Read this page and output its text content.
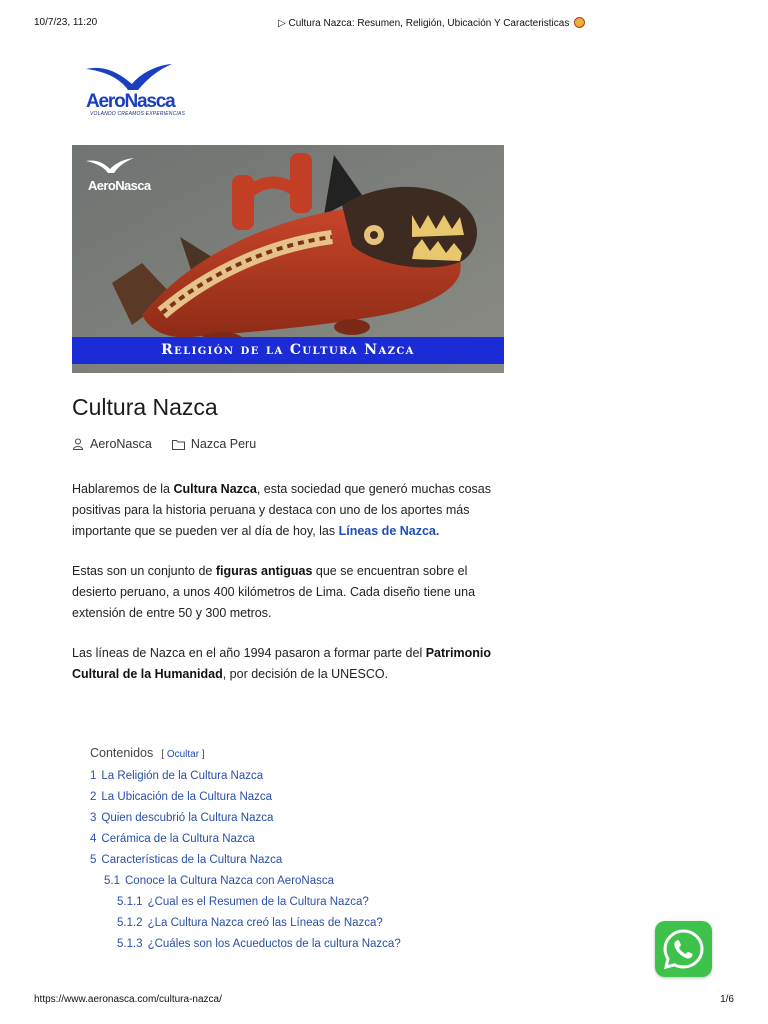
10/7/23, 11:20	▷ Cultura Nazca: Resumen, Religión, Ubicación Y Caracteristicas
AeroNasca
VOLANDO CREAMOS EXPERIENCIAS
AeroNasca
Religión de la Cultura Nazca
Cultura Nazca
AeroNasca	Nazca Peru

Hablaremos de la Cultura Nazca, esta sociedad que generó muchas cosas positivas para la historia peruana y destaca con uno de los aportes más importante que se pueden ver al día de hoy, las Líneas de Nazca.

Estas son un conjunto de figuras antiguas que se encuentran sobre el desierto peruano, a unos 400 kilómetros de Lima. Cada diseño tiene una extensión de entre 50 y 300 metros.

Las líneas de Nazca en el año 1994 pasaron a formar parte del Patrimonio Cultural de la Humanidad, por decisión de la UNESCO.

Contenidos [ Ocultar ]
1 La Religión de la Cultura Nazca
2 La Ubicación de la Cultura Nazca
3 Quien descubrió la Cultura Nazca
4 Cerámica de la Cultura Nazca
5 Características de la Cultura Nazca
5.1 Conoce la Cultura Nazca con AeroNasca
5.1.1 ¿Cual es el Resumen de la Cultura Nazca?
5.1.2 ¿La Cultura Nazca creó las Líneas de Nazca?
5.1.3 ¿Cuáles son los Acueductos de la cultura Nazca?
https://www.aeronasca.com/cultura-nazca/	1/6
